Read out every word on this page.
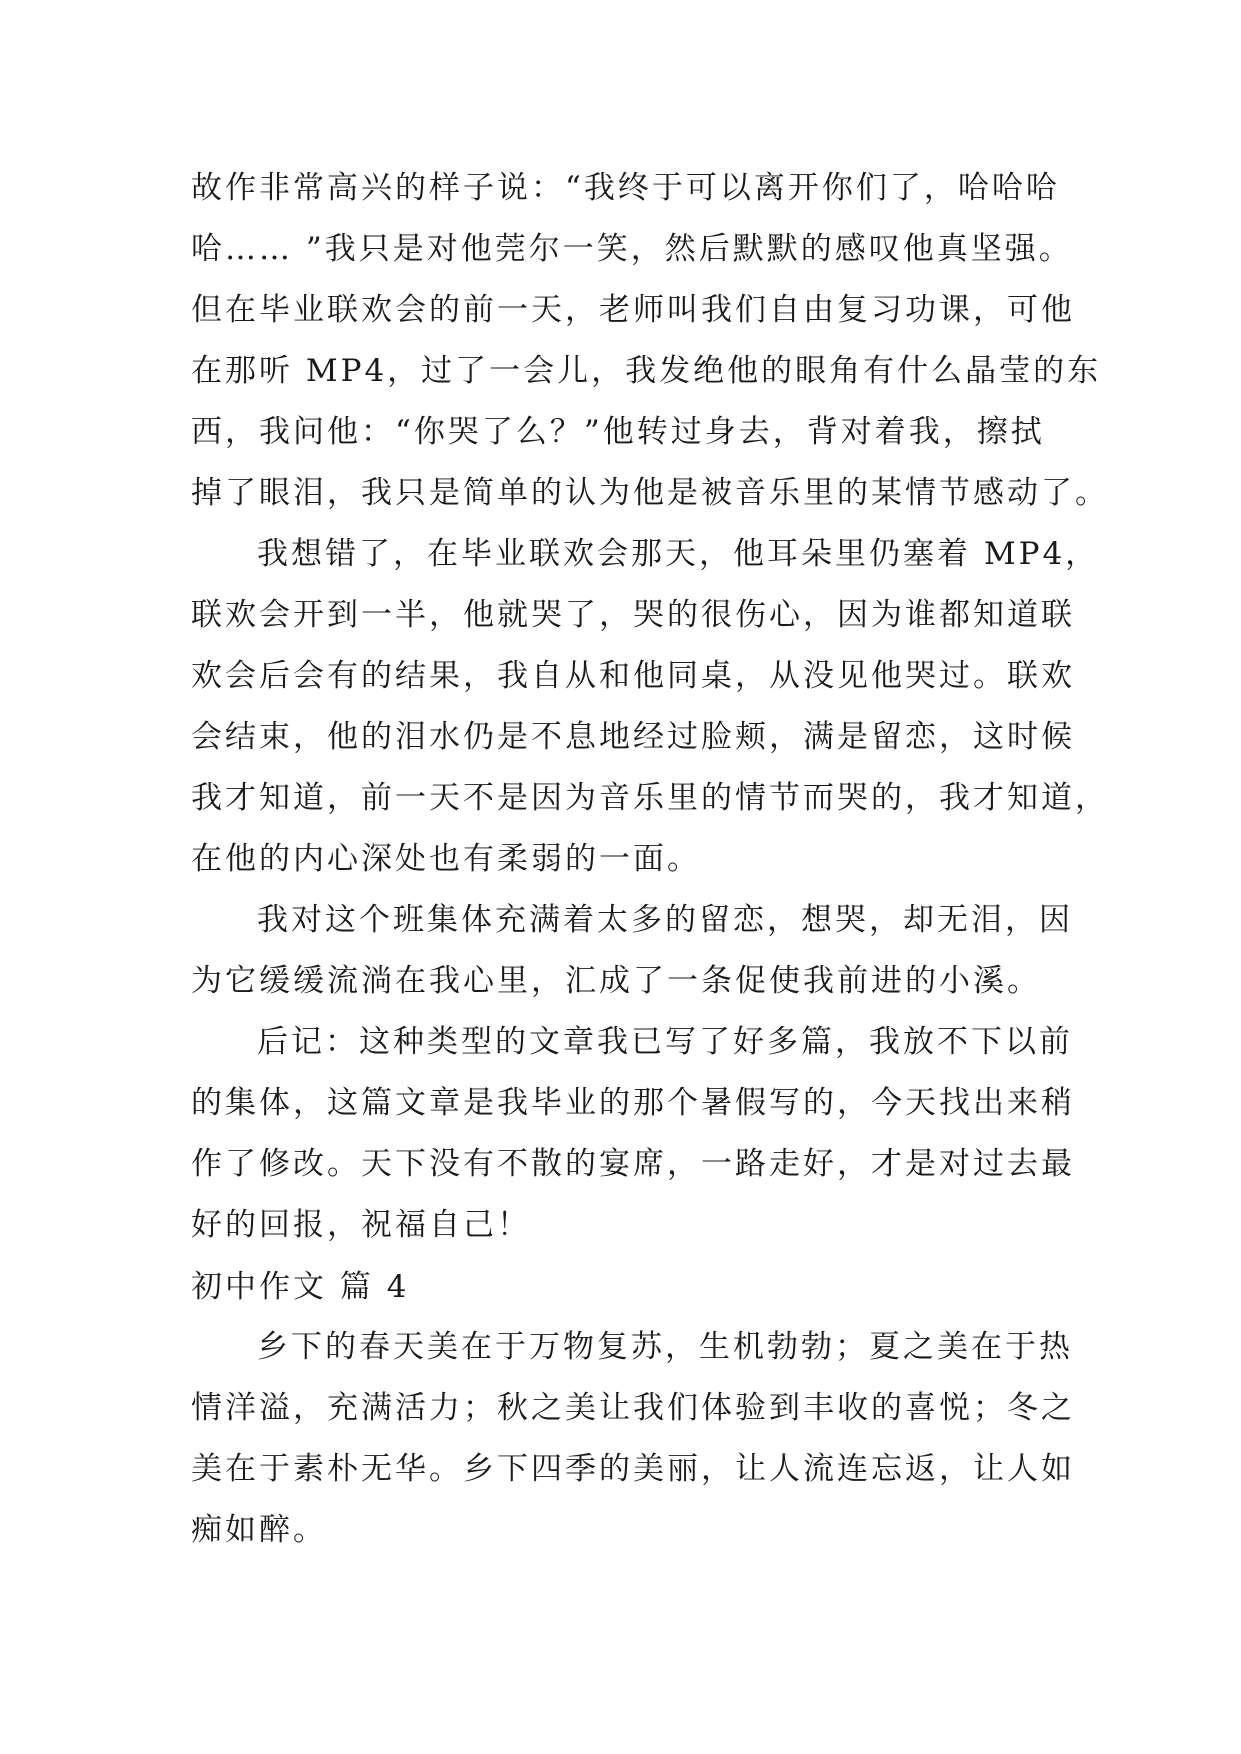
故作非常高兴的样子说：“我终于可以离开你们了，哈哈哈
哈…… ”我只是对他莞尔一笑，然后默默的感叹他真坚强。
但在毕业联欢会的前一天，老师叫我们自由复习功课，可他
在那听 MP4，过了一会儿，我发绝他的眼角有什么晶莹的东
西，我问他：“你哭了么？”他转过身去，背对着我，擦拭
掉了眼泪，我只是简单的认为他是被音乐里的某情节感动了。
我想错了，在毕业联欢会那天，他耳朵里仍塞着 MP4，
联欢会开到一半，他就哭了，哭的很伤心，因为谁都知道联
欢会后会有的结果，我自从和他同桌，从没见他哭过。联欢
会结束，他的泪水仍是不息地经过脸颊，满是留恋，这时候
我才知道，前一天不是因为音乐里的情节而哭的，我才知道，
在他的内心深处也有柔弱的一面。
我对这个班集体充满着太多的留恋，想哭，却无泪，因
为它缓缓流淌在我心里，汇成了一条促使我前进的小溪。
后记：这种类型的文章我已写了好多篇，我放不下以前
的集体，这篇文章是我毕业的那个暑假写的，今天找出来稍
作了修改。天下没有不散的宴席，一路走好，才是对过去最
好的回报，祝福自己！
初中作文 篇 4
乡下的春天美在于万物复苏，生机勃勃；夏之美在于热
情洋溢，充满活力；秋之美让我们体验到丰收的喜悦；冬之
美在于素朴无华。乡下四季的美丽，让人流连忘返，让人如
痴如醉。
